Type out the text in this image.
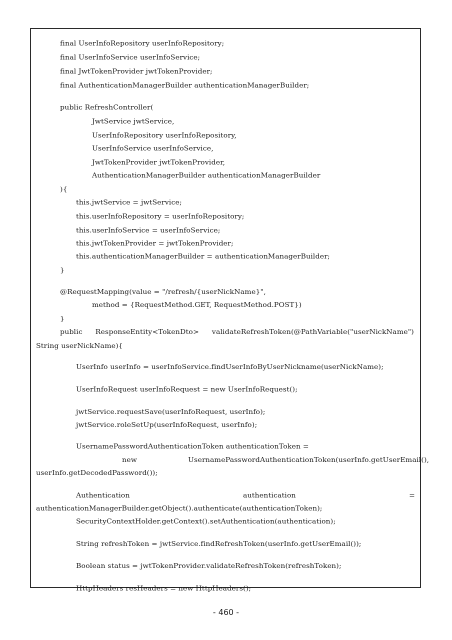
final UserInfoRepository userInfoRepository;
final UserInfoService userInfoService;
final JwtTokenProvider jwtTokenProvider;
final AuthenticationManagerBuilder authenticationManagerBuilder;
public RefreshController(
JwtService jwtService,
UserInfoRepository userInfoRepository,
UserInfoService userInfoService,
JwtTokenProvider jwtTokenProvider,
AuthenticationManagerBuilder authenticationManagerBuilder
){
this.jwtService = jwtService;
this.userInfoRepository = userInfoRepository;
this.userInfoService = userInfoService;
this.jwtTokenProvider = jwtTokenProvider;
this.authenticationManagerBuilder = authenticationManagerBuilder;
}
@RequestMapping(value = "/refresh/{userNickName}",
method = {RequestMethod.GET, RequestMethod.POST})
}
public ResponseEntity<TokenDto> validateRefreshToken(@PathVariable("userNickName")
String userNickName){
UserInfo userInfo = userInfoService.findUserInfoByUserNickname(userNickName);
UserInfoRequest userInfoRequest = new UserInfoRequest();
jwtService.requestSave(userInfoRequest, userInfo);
jwtService.roleSetUp(userInfoRequest, userInfo);
UsernamePasswordAuthenticationToken authenticationToken =
new	UsernamePasswordAuthenticationToken(userInfo.getUserEmail(),
userInfo.getDecodedPassword());
Authentication	authentication	=
authenticationManagerBuilder.getObject().authenticate(authenticationToken);
SecurityContextHolder.getContext().setAuthentication(authentication);
String refreshToken = jwtService.findRefreshToken(userInfo.getUserEmail());
Boolean status = jwtTokenProvider.validateRefreshToken(refreshToken);
HttpHeaders resHeaders = new HttpHeaders();
- 460 -
